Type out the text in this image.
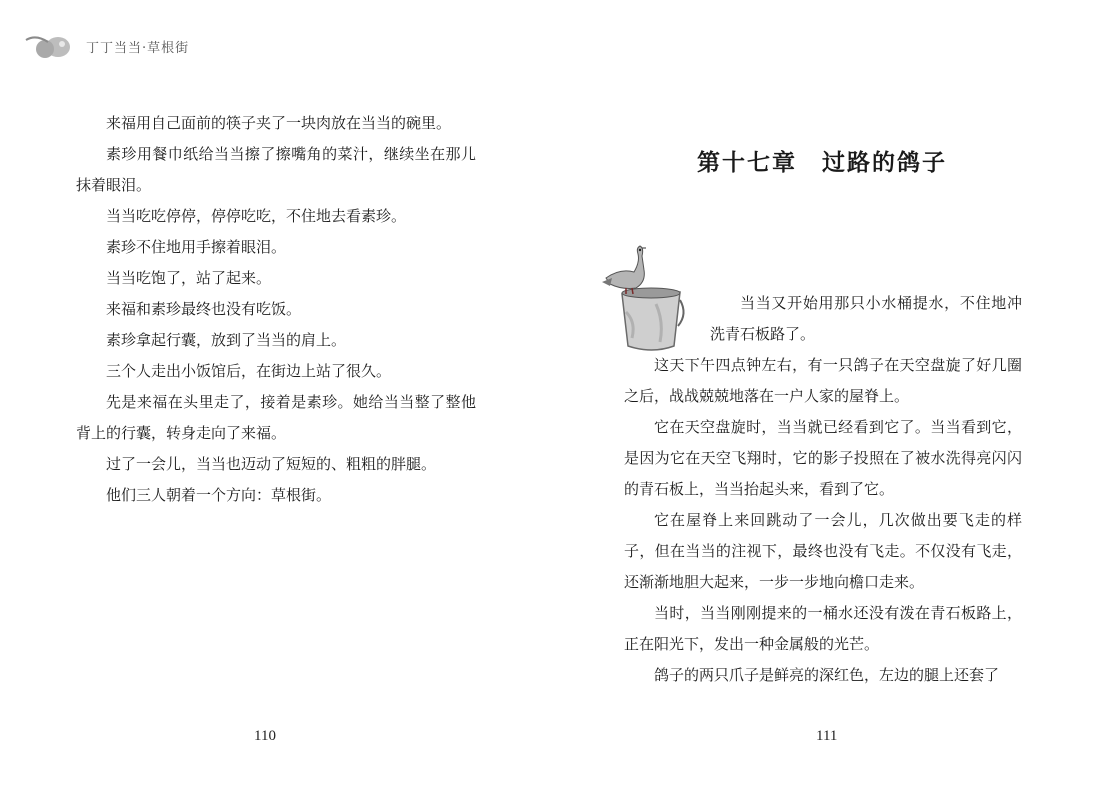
丁丁当当·草根街

来福用自己面前的筷子夹了一块肉放在当当的碗里。

素珍用餐巾纸给当当擦了擦嘴角的菜汁，继续坐在那儿抹着眼泪。

当当吃吃停停，停停吃吃，不住地去看素珍。

素珍不住地用手擦着眼泪。

当当吃饱了，站了起来。

来福和素珍最终也没有吃饭。

素珍拿起行囊，放到了当当的肩上。

三个人走出小饭馆后，在街边上站了很久。

先是来福在头里走了，接着是素珍。她给当当整了整他背上的行囊，转身走向了来福。

过了一会儿，当当也迈动了短短的、粗粗的胖腿。

他们三人朝着一个方向：草根街。

110
第十七章　过路的鸽子

当当又开始用那只小水桶提水，不住地冲洗青石板路了。

这天下午四点钟左右，有一只鸽子在天空盘旋了好几圈之后，战战兢兢地落在一户人家的屋脊上。

它在天空盘旋时，当当就已经看到它了。当当看到它，是因为它在天空飞翔时，它的影子投照在了被水洗得亮闪闪的青石板上，当当抬起头来，看到了它。

它在屋脊上来回跳动了一会儿，几次做出要飞走的样子，但在当当的注视下，最终也没有飞走。不仅没有飞走，还渐渐地胆大起来，一步一步地向檐口走来。

当时，当当刚刚提来的一桶水还没有泼在青石板路上，正在阳光下，发出一种金属般的光芒。

鸽子的两只爪子是鲜亮的深红色，左边的腿上还套了

111
